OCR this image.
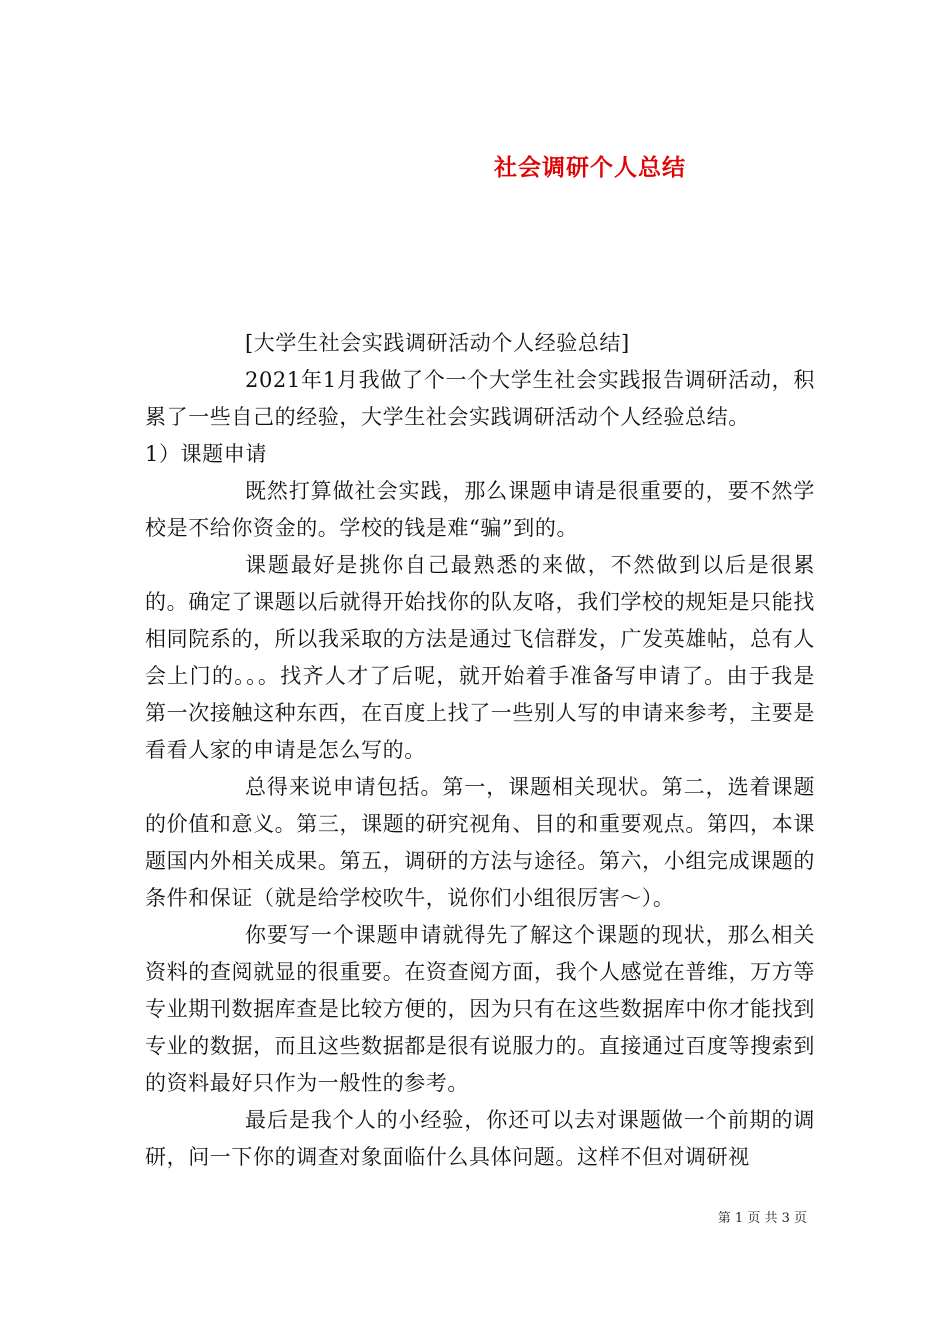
社会调研个人总结

[大学生社会实践调研活动个人经验总结]

2021年1月我做了个一个大学生社会实践报告调研活动，积累了一些自己的经验，大学生社会实践调研活动个人经验总结。

1）课题申请

既然打算做社会实践，那么课题申请是很重要的，要不然学校是不给你资金的。学校的钱是难“骗”到的。

课题最好是挑你自己最熟悉的来做，不然做到以后是很累的。确定了课题以后就得开始找你的队友咯，我们学校的规矩是只能找相同院系的，所以我采取的方法是通过飞信群发，广发英雄帖，总有人会上门的。。。找齐人才了后呢，就开始着手准备写申请了。由于我是第一次接触这种东西，在百度上找了一些别人写的申请来参考，主要是看看人家的申请是怎么写的。

总得来说申请包括。第一，课题相关现状。第二，选着课题的价值和意义。第三，课题的研究视角、目的和重要观点。第四，本课题国内外相关成果。第五，调研的方法与途径。第六，小组完成课题的条件和保证（就是给学校吹牛，说你们小组很厉害～）。

你要写一个课题申请就得先了解这个课题的现状，那么相关资料的查阅就显的很重要。在资查阅方面，我个人感觉在普维，万方等专业期刊数据库查是比较方便的，因为只有在这些数据库中你才能找到专业的数据，而且这些数据都是很有说服力的。直接通过百度等搜索到的资料最好只作为一般性的参考。

最后是我个人的小经验，你还可以去对课题做一个前期的调研，问一下你的调查对象面临什么具体问题。这样不但对调研视

第 1 页 共 3 页
